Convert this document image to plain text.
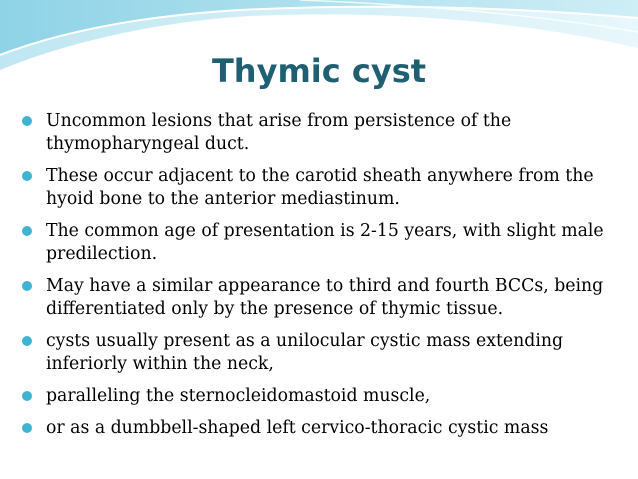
Thymic cyst
Uncommon lesions that arise from persistence of the thymopharyngeal duct.
These occur adjacent to the carotid sheath anywhere from the hyoid bone to the anterior mediastinum.
The common age of presentation is 2-15 years, with slight male predilection.
May have a similar appearance to third and fourth BCCs, being differentiated only by the presence of thymic tissue.
cysts usually present as a unilocular cystic mass extending inferiorly within the neck,
paralleling the sternocleidomastoid muscle,
or as a dumbbell-shaped left cervico-thoracic cystic mass
